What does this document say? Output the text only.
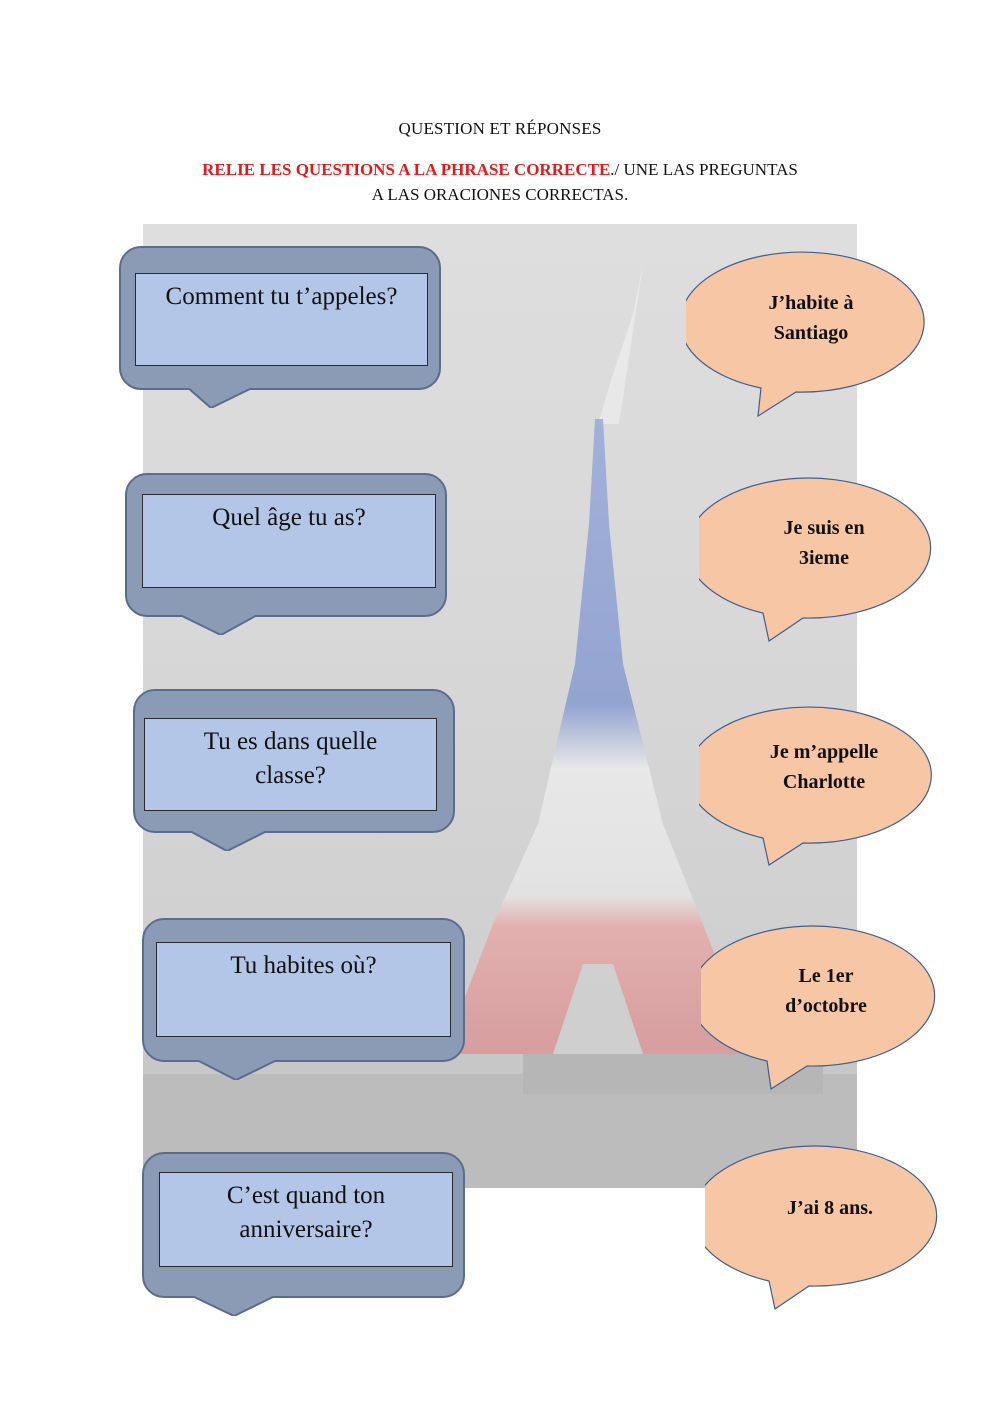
QUESTION ET RÉPONSES
RELIE LES QUESTIONS A LA PHRASE CORRECTE./ UNE LAS PREGUNTAS
A LAS ORACIONES CORRECTAS.
Comment tu t’appeles?

Quel âge tu as?

Tu es dans quelle
classe?
Tu habites où?

C’est quand ton
anniversaire?
J’habite à
Santiago
Je suis en
3ieme
Je m’appelle
Charlotte
Le 1er
d’octobre
J’ai 8 ans.
